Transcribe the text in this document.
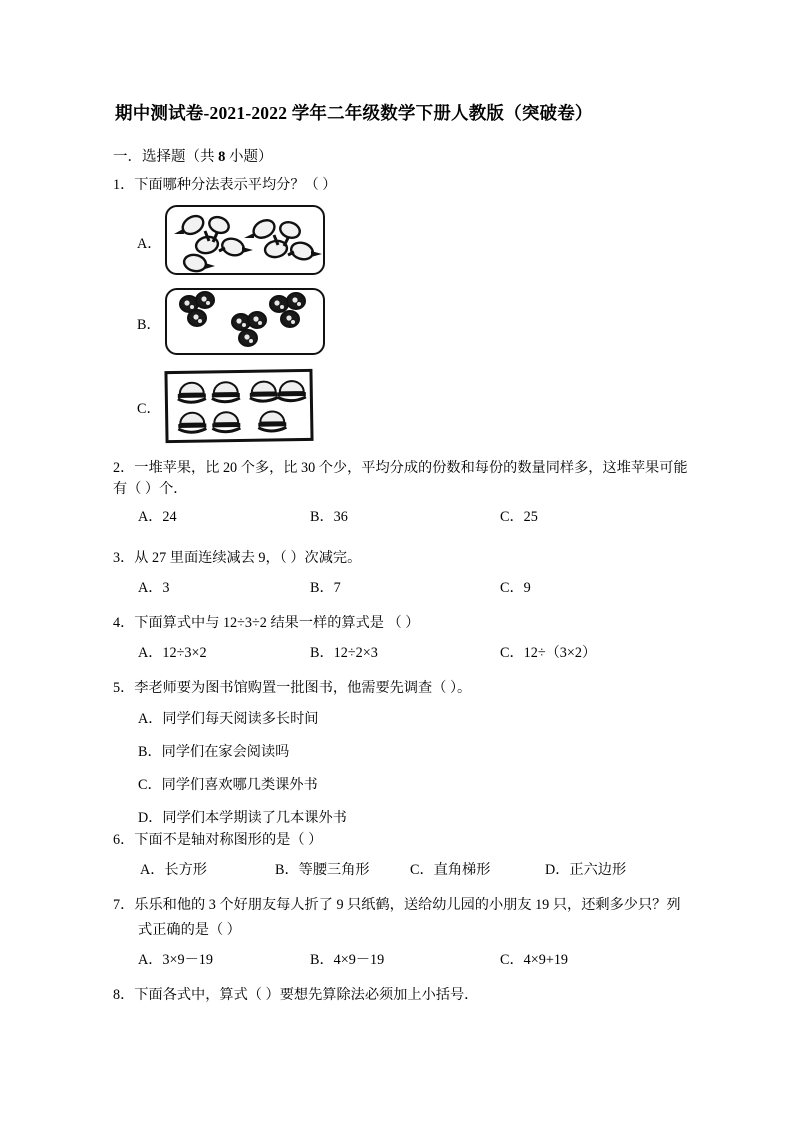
期中测试卷-2021-2022 学年二年级数学下册人教版（突破卷）
一．选择题（共 8 小题）
1．下面哪种分法表示平均分？（ ）
A．
B．
C．
2．一堆苹果，比 20 个多，比 30 个少，平均分成的份数和每份的数量同样多，这堆苹果可能有（ ）个．
A．24	B．36	C．25
3．从 27 里面连续减去 9，（ ）次减完。
A．3	B．7	C．9
4．下面算式中与 12÷3÷2 结果一样的算式是 （ ）
A．12÷3×2	B．12÷2×3	C．12÷（3×2）
5．李老师要为图书馆购置一批图书，他需要先调查（ ）。
A．同学们每天阅读多长时间
B．同学们在家会阅读吗
C．同学们喜欢哪几类课外书
D．同学们本学期读了几本课外书
6．下面不是轴对称图形的是（ ）
A．长方形	B．等腰三角形	C．直角梯形	D．正六边形
7．乐乐和他的 3 个好朋友每人折了 9 只纸鹤，送给幼儿园的小朋友 19 只，还剩多少只？列
式正确的是（ ）
A．3×9－19	B．4×9－19	C．4×9+19
8．下面各式中，算式（ ）要想先算除法必须加上小括号．
